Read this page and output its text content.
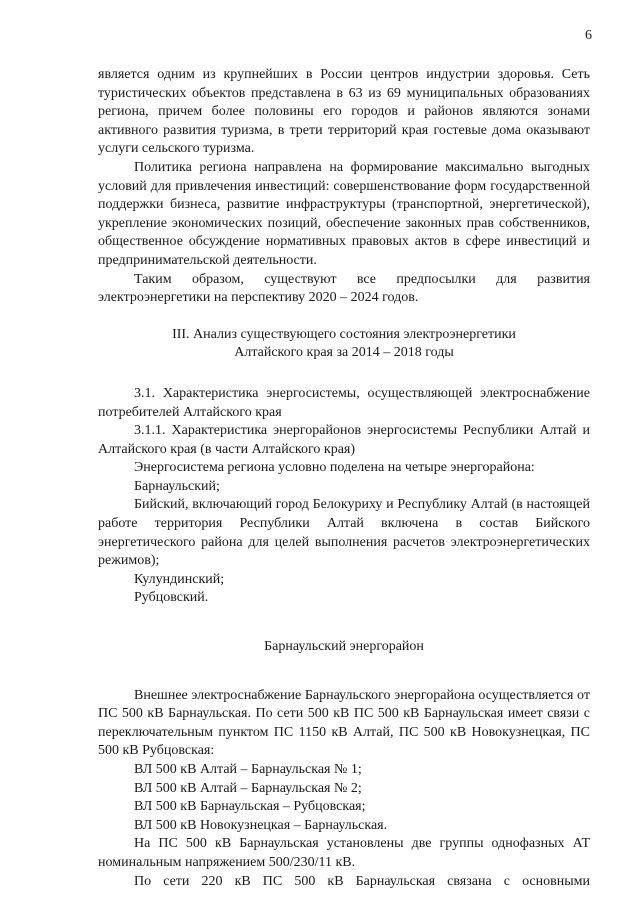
6

является одним из крупнейших в России центров индустрии здоровья. Сеть туристических объектов представлена в 63 из 69 муниципальных образованиях региона, причем более половины его городов и районов являются зонами активного развития туризма, в трети территорий края гостевые дома оказывают услуги сельского туризма.

Политика региона направлена на формирование максимально выгодных условий для привлечения инвестиций: совершенствование форм государственной поддержки бизнеса, развитие инфраструктуры (транспортной, энергетической), укрепление экономических позиций, обеспечение законных прав собственников, общественное обсуждение нормативных правовых актов в сфере инвестиций и предпринимательской деятельности.

Таким образом, существуют все предпосылки для развития электроэнергетики на перспективу 2020 – 2024 годов.

III. Анализ существующего состояния электроэнергетики

Алтайского края за 2014 – 2018 годы

3.1. Характеристика энергосистемы, осуществляющей электроснабжение потребителей Алтайского края

3.1.1. Характеристика энергорайонов энергосистемы Республики Алтай и Алтайского края (в части Алтайского края)

Энергосистема региона условно поделена на четыре энергорайона:

Барнаульский;

Бийский, включающий город Белокуриху и Республику Алтай (в настоящей работе территория Республики Алтай включена в состав Бийского энергетического района для целей выполнения расчетов электроэнергетических режимов);

Кулундинский;

Рубцовский.

Барнаульский энергорайон

Внешнее электроснабжение Барнаульского энергорайона осуществляется от ПС 500 кВ Барнаульская. По сети 500 кВ ПС 500 кВ Барнаульская имеет связи с переключательным пунктом ПС 1150 кВ Алтай, ПС 500 кВ Новокузнецкая, ПС 500 кВ Рубцовская:

ВЛ 500 кВ Алтай – Барнаульская № 1;

ВЛ 500 кВ Алтай – Барнаульская № 2;

ВЛ 500 кВ Барнаульская – Рубцовская;

ВЛ 500 кВ Новокузнецкая – Барнаульская.

На ПС 500 кВ Барнаульская установлены две группы однофазных АТ номинальным напряжением 500/230/11 кВ.

По сети 220 кВ ПС 500 кВ Барнаульская связана с основными
